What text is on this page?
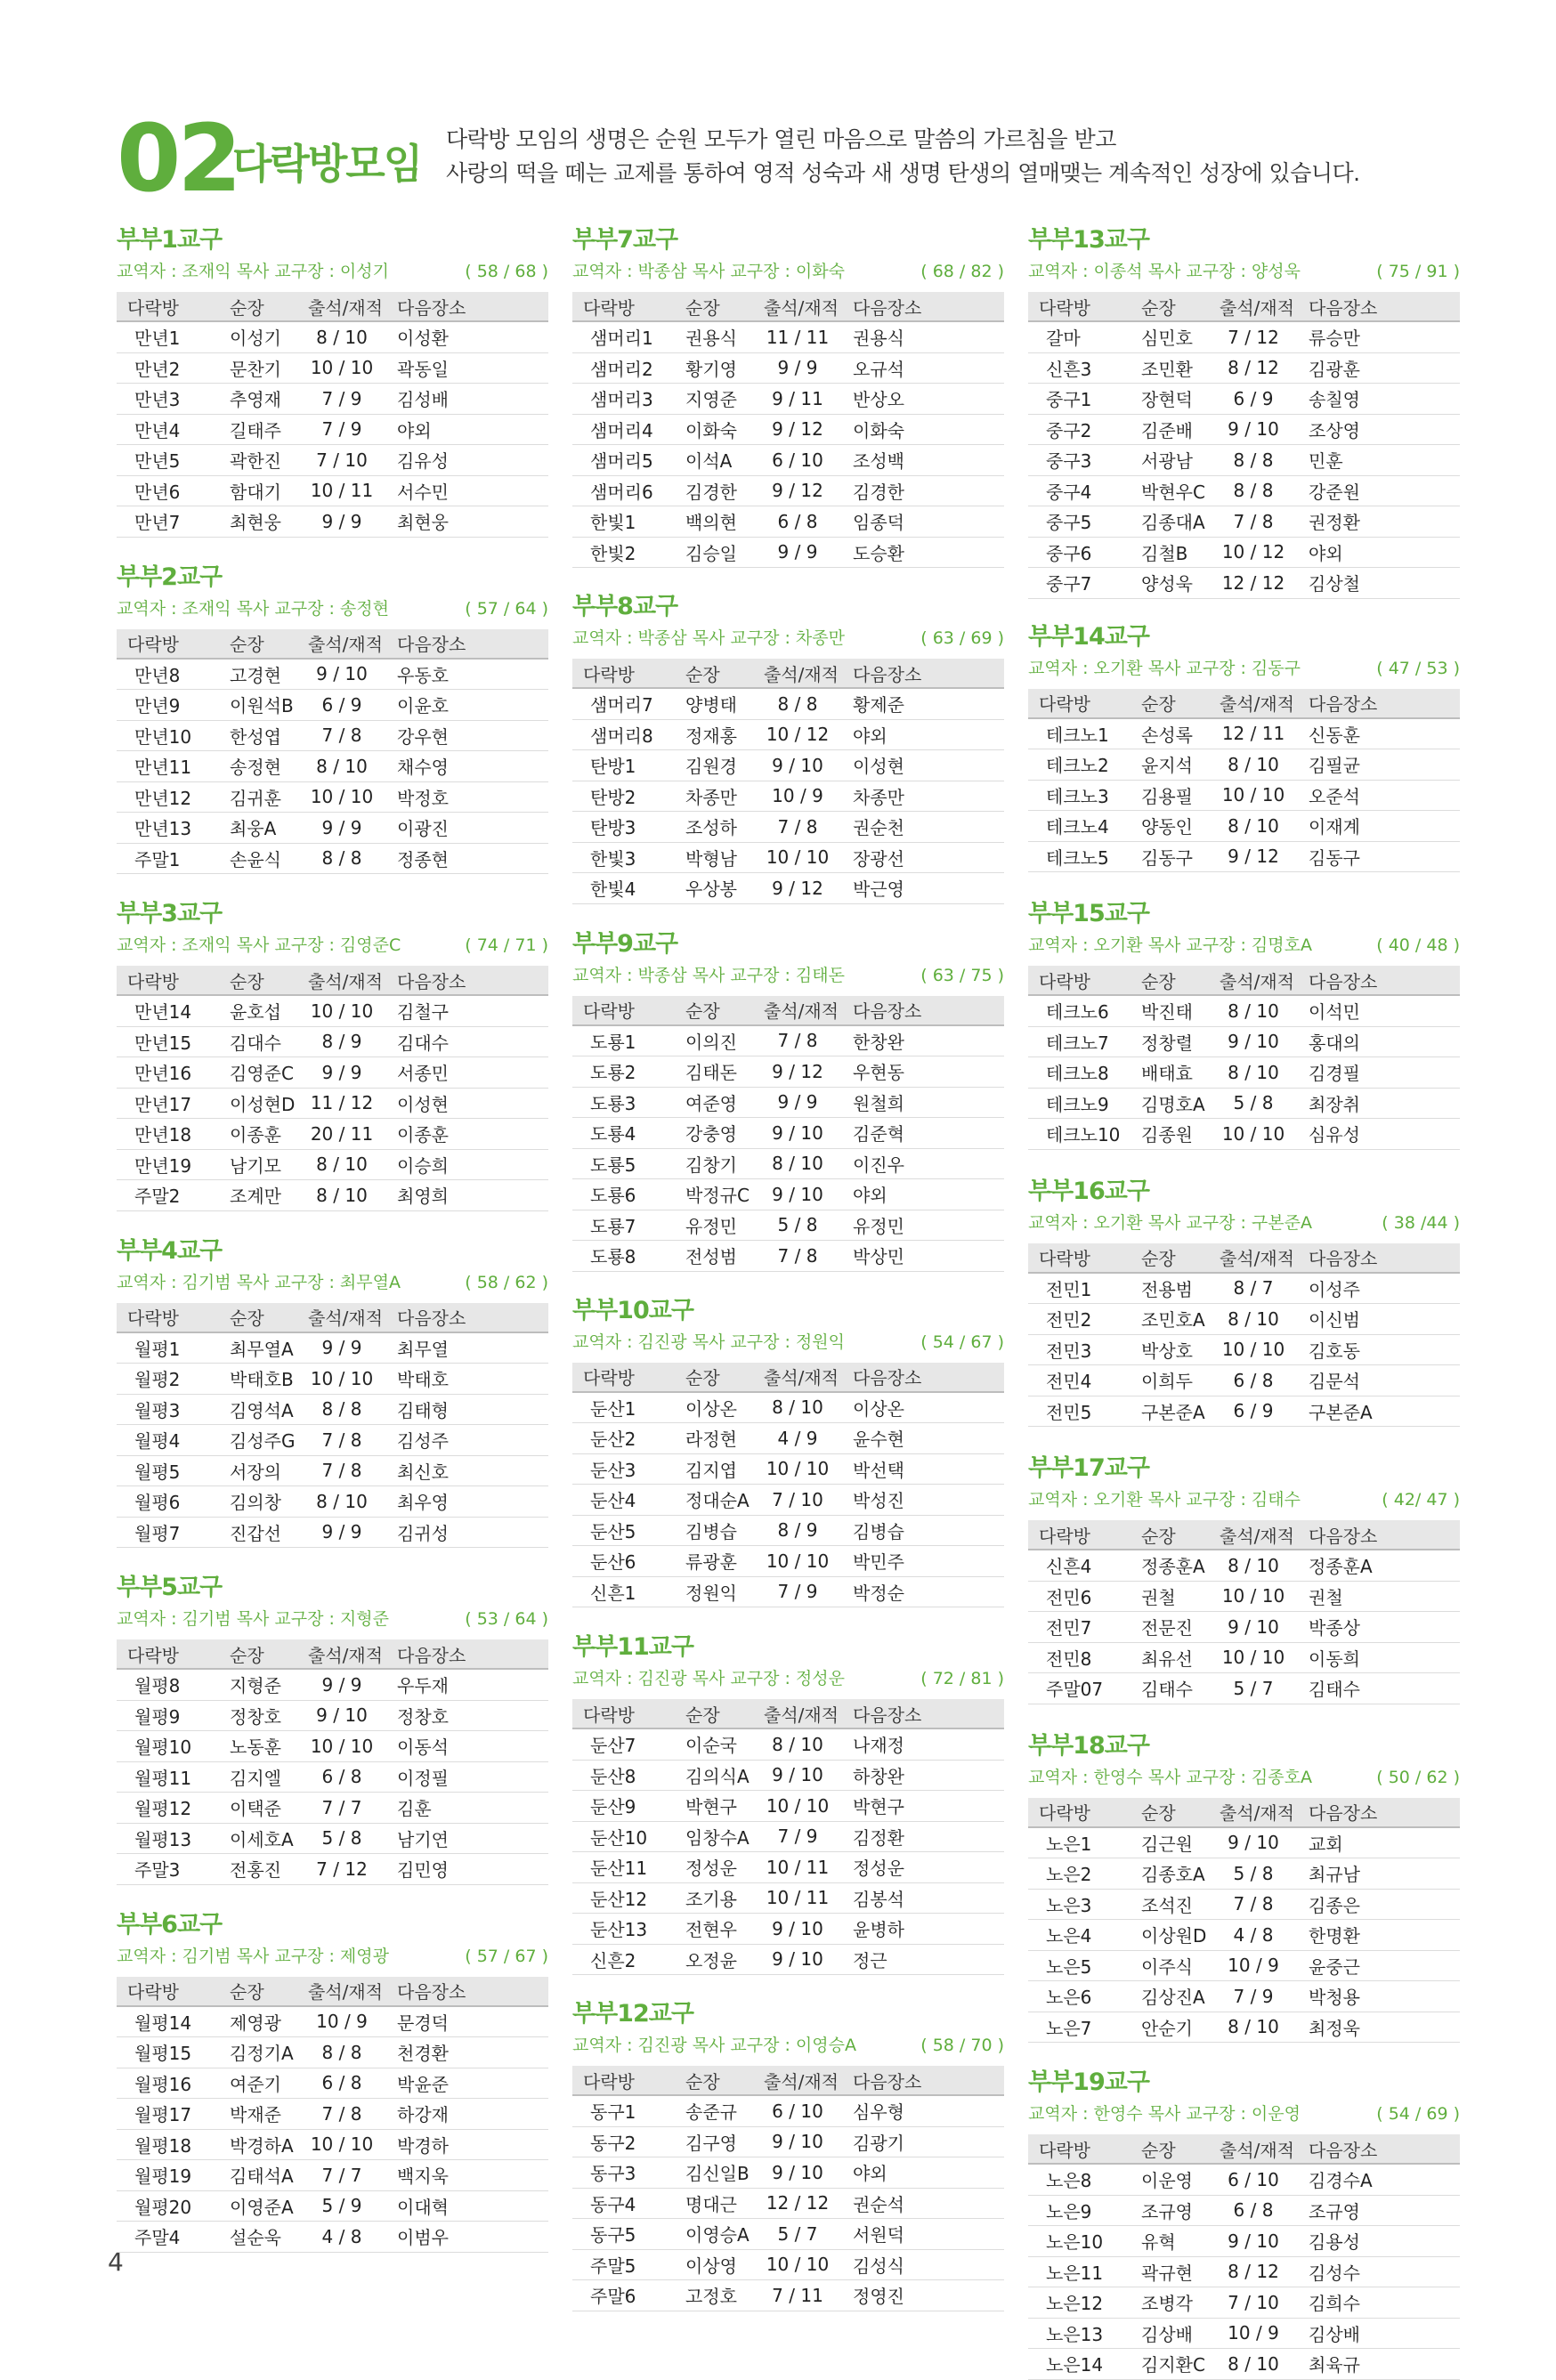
02
다락방모임
다락방 모임의 생명은 순원 모두가 열린 마음으로 말씀의 가르침을 받고
사랑의 떡을 떼는 교제를 통하여 영적 성숙과 새 생명 탄생의 열매맺는 계속적인 성장에 있습니다.
부부1교구
교역자 : 조재익 목사 교구장 : 이성기	( 58 / 68 )
다락방	순장	출석/재적	다음장소
만년1	이성기	8 / 10	이성환
만년2	문찬기	10 / 10	곽동일
만년3	추영재	7 / 9	김성배
만년4	길태주	7 / 9	야외
만년5	곽한진	7 / 10	김유성
만년6	함대기	10 / 11	서수민
만년7	최현웅	9 / 9	최현웅
부부2교구
교역자 : 조재익 목사 교구장 : 송정현	( 57 / 64 )
다락방	순장	출석/재적	다음장소
만년8	고경현	9 / 10	우동호
만년9	이원석B	6 / 9	이윤호
만년10	한성엽	7 / 8	강우현
만년11	송정현	8 / 10	채수영
만년12	김귀훈	10 / 10	박정호
만년13	최웅A	9 / 9	이광진
주말1	손윤식	8 / 8	정종현
부부3교구
교역자 : 조재익 목사 교구장 : 김영준C	( 74 / 71 )
다락방	순장	출석/재적	다음장소
만년14	윤호섭	10 / 10	김철구
만년15	김대수	8 / 9	김대수
만년16	김영준C	9 / 9	서종민
만년17	이성현D	11 / 12	이성현
만년18	이종훈	20 / 11	이종훈
만년19	남기모	8 / 10	이승희
주말2	조계만	8 / 10	최영희
부부4교구
교역자 : 김기범 목사 교구장 : 최무열A	( 58 / 62 )
다락방	순장	출석/재적	다음장소
월평1	최무열A	9 / 9	최무열
월평2	박태호B	10 / 10	박태호
월평3	김영석A	8 / 8	김태형
월평4	김성주G	7 / 8	김성주
월평5	서장의	7 / 8	최신호
월평6	김의창	8 / 10	최우영
월평7	진갑선	9 / 9	김귀성
부부5교구
교역자 : 김기범 목사 교구장 : 지형준	( 53 / 64 )
다락방	순장	출석/재적	다음장소
월평8	지형준	9 / 9	우두재
월평9	정창호	9 / 10	정창호
월평10	노동훈	10 / 10	이동석
월평11	김지엘	6 / 8	이정필
월평12	이택준	7 / 7	김훈
월평13	이세호A	5 / 8	남기연
주말3	전홍진	7 / 12	김민영
부부6교구
교역자 : 김기범 목사 교구장 : 제영광	( 57 / 67 )
다락방	순장	출석/재적	다음장소
월평14	제영광	10 / 9	문경덕
월평15	김정기A	8 / 8	천경환
월평16	여준기	6 / 8	박윤준
월평17	박재준	7 / 8	하강재
월평18	박경하A	10 / 10	박경하
월평19	김태석A	7 / 7	백지욱
월평20	이영준A	5 / 9	이대혁
주말4	설순욱	4 / 8	이범우
부부7교구
교역자 : 박종삼 목사 교구장 : 이화숙	( 68 / 82 )
다락방	순장	출석/재적	다음장소
샘머리1	권용식	11 / 11	권용식
샘머리2	황기영	9 / 9	오규석
샘머리3	지영준	9 / 11	반상오
샘머리4	이화숙	9 / 12	이화숙
샘머리5	이석A	6 / 10	조성백
샘머리6	김경한	9 / 12	김경한
한빛1	백의현	6 / 8	임종덕
한빛2	김승일	9 / 9	도승환
부부8교구
교역자 : 박종삼 목사 교구장 : 차종만	( 63 / 69 )
다락방	순장	출석/재적	다음장소
샘머리7	양병태	8 / 8	황제준
샘머리8	정재홍	10 / 12	야외
탄방1	김원경	9 / 10	이성현
탄방2	차종만	10 / 9	차종만
탄방3	조성하	7 / 8	권순천
한빛3	박형남	10 / 10	장광선
한빛4	우상봉	9 / 12	박근영
부부9교구
교역자 : 박종삼 목사 교구장 : 김태돈	( 63 / 75 )
다락방	순장	출석/재적	다음장소
도룡1	이의진	7 / 8	한창완
도룡2	김태돈	9 / 12	우현동
도룡3	여준영	9 / 9	원철희
도룡4	강충영	9 / 10	김준혁
도룡5	김창기	8 / 10	이진우
도룡6	박정규C	9 / 10	야외
도룡7	유정민	5 / 8	유정민
도룡8	전성범	7 / 8	박상민
부부10교구
교역자 : 김진광 목사 교구장 : 정원익	( 54 / 67 )
다락방	순장	출석/재적	다음장소
둔산1	이상온	8 / 10	이상온
둔산2	라정현	4 / 9	윤수현
둔산3	김지엽	10 / 10	박선택
둔산4	정대순A	7 / 10	박성진
둔산5	김병습	8 / 9	김병습
둔산6	류광훈	10 / 10	박민주
신흔1	정원익	7 / 9	박정순
부부11교구
교역자 : 김진광 목사 교구장 : 정성운	( 72 / 81 )
다락방	순장	출석/재적	다음장소
둔산7	이순국	8 / 10	나재정
둔산8	김의식A	9 / 10	하창완
둔산9	박현구	10 / 10	박현구
둔산10	임창수A	7 / 9	김정환
둔산11	정성운	10 / 11	정성운
둔산12	조기용	10 / 11	김봉석
둔산13	전현우	9 / 10	윤병하
신흔2	오정윤	9 / 10	정근
부부12교구
교역자 : 김진광 목사 교구장 : 이영승A	( 58 / 70 )
다락방	순장	출석/재적	다음장소
동구1	송준규	6 / 10	심우형
동구2	김구영	9 / 10	김광기
동구3	김신일B	9 / 10	야외
동구4	명대근	12 / 12	권순석
동구5	이영승A	5 / 7	서원덕
주말5	이상영	10 / 10	김성식
주말6	고정호	7 / 11	정영진
부부13교구
교역자 : 이종석 목사 교구장 : 양성욱	( 75 / 91 )
다락방	순장	출석/재적	다음장소
갈마	심민호	7 / 12	류승만
신흔3	조민환	8 / 12	김광훈
중구1	장현덕	6 / 9	송칠영
중구2	김준배	9 / 10	조상영
중구3	서광남	8 / 8	민훈
중구4	박현우C	8 / 8	강준원
중구5	김종대A	7 / 8	권정환
중구6	김철B	10 / 12	야외
중구7	양성욱	12 / 12	김상철
부부14교구
교역자 : 오기환 목사 교구장 : 김동구	( 47 / 53 )
다락방	순장	출석/재적	다음장소
테크노1	손성록	12 / 11	신동훈
테크노2	윤지석	8 / 10	김필균
테크노3	김용필	10 / 10	오준석
테크노4	양동인	8 / 10	이재계
테크노5	김동구	9 / 12	김동구
부부15교구
교역자 : 오기환 목사 교구장 : 김명호A	( 40 / 48 )
다락방	순장	출석/재적	다음장소
테크노6	박진태	8 / 10	이석민
테크노7	정창렬	9 / 10	홍대의
테크노8	배태효	8 / 10	김경필
테크노9	김명호A	5 / 8	최장취
테크노10	김종원	10 / 10	심유성
부부16교구
교역자 : 오기환 목사 교구장 : 구본준A	( 38 /44 )
다락방	순장	출석/재적	다음장소
전민1	전용범	8 / 7	이성주
전민2	조민호A	8 / 10	이신범
전민3	박상호	10 / 10	김호동
전민4	이희두	6 / 8	김문석
전민5	구본준A	6 / 9	구본준A
부부17교구
교역자 : 오기환 목사 교구장 : 김태수	( 42/ 47 )
다락방	순장	출석/재적	다음장소
신흔4	정종훈A	8 / 10	정종훈A
전민6	권철	10 / 10	권철
전민7	전문진	9 / 10	박종상
전민8	최유선	10 / 10	이동희
주말07	김태수	5 / 7	김태수
부부18교구
교역자 : 한영수 목사 교구장 : 김종호A	( 50 / 62 )
다락방	순장	출석/재적	다음장소
노은1	김근원	9 / 10	교회
노은2	김종호A	5 / 8	최규남
노은3	조석진	7 / 8	김종은
노은4	이상원D	4 / 8	한명환
노은5	이주식	10 / 9	윤중근
노은6	김상진A	7 / 9	박청용
노은7	안순기	8 / 10	최정욱
부부19교구
교역자 : 한영수 목사 교구장 : 이운영	( 54 / 69 )
다락방	순장	출석/재적	다음장소
노은8	이운영	6 / 10	김경수A
노은9	조규영	6 / 8	조규영
노은10	유혁	9 / 10	김용성
노은11	곽규현	8 / 12	김성수
노은12	조병각	7 / 10	김희수
노은13	김상배	10 / 9	김상배
노은14	김지환C	8 / 10	최육규
4
